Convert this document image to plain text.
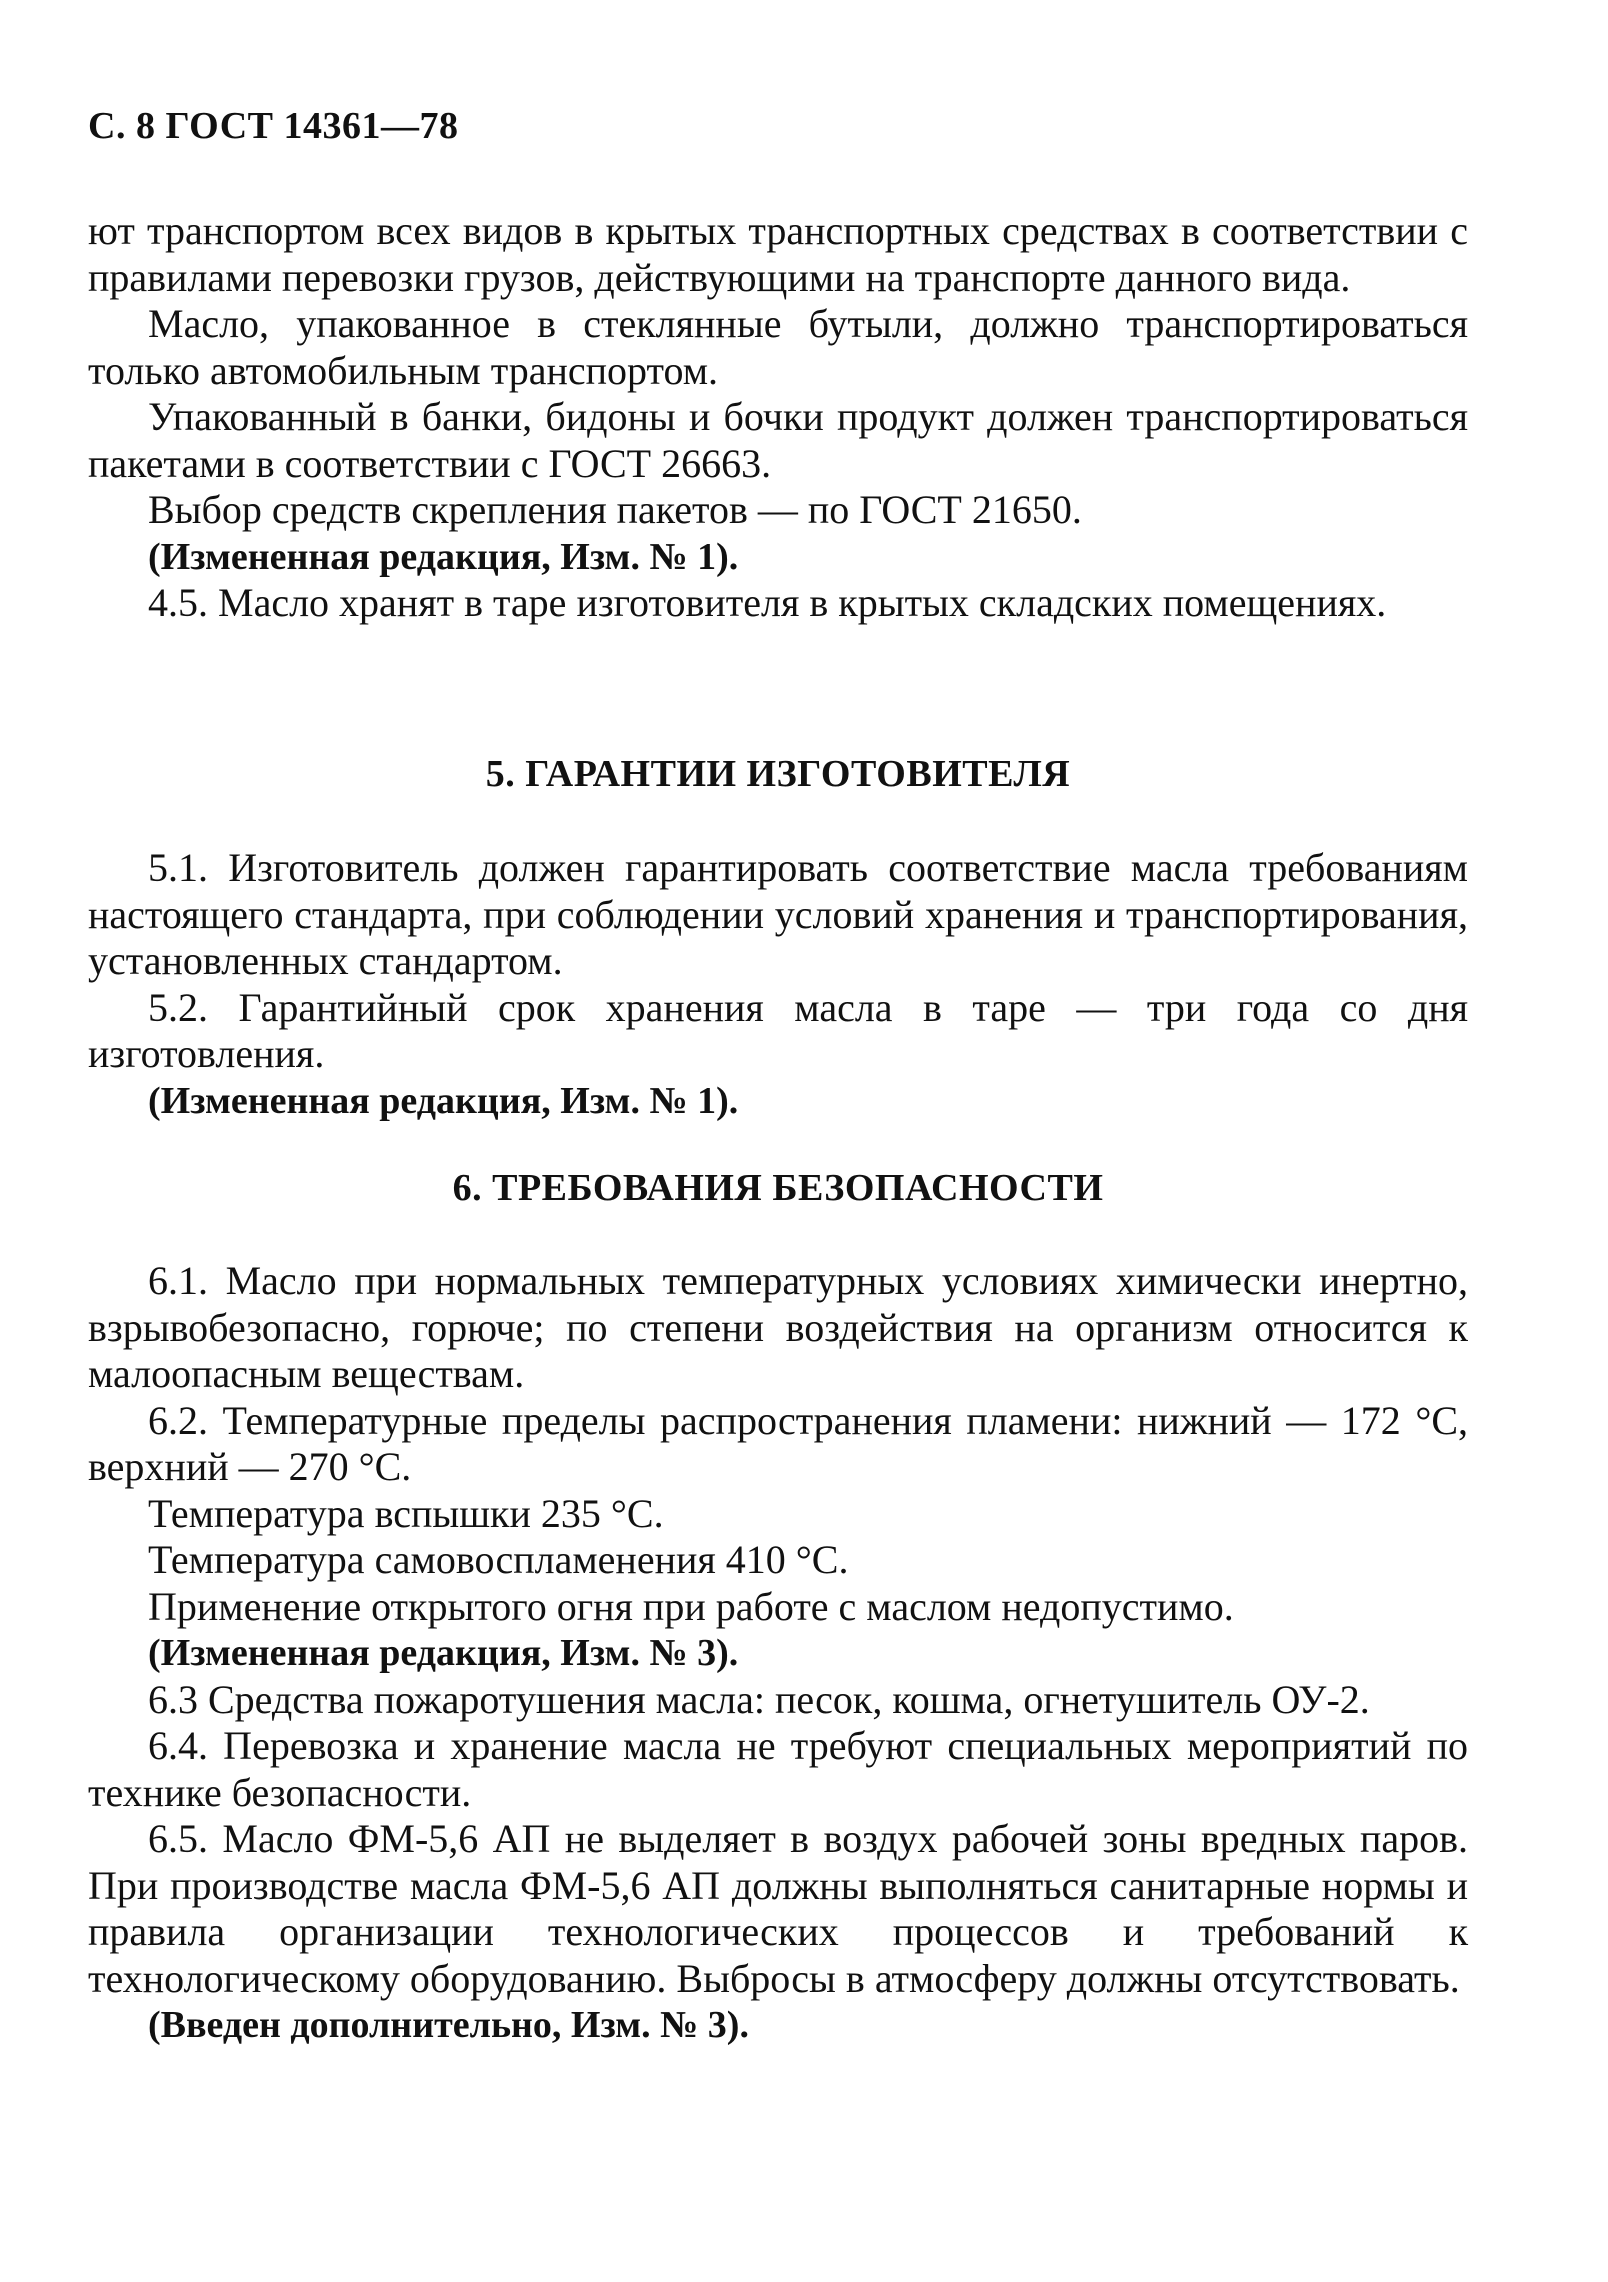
С. 8 ГОСТ 14361—78

ют транспортом всех видов в крытых транспортных средствах в соответствии с правилами перевозки грузов, действующими на транспорте данного вида.

Масло, упакованное в стеклянные бутыли, должно транспортироваться только автомобильным транспортом.

Упакованный в банки, бидоны и бочки продукт должен транспортироваться пакетами в соответствии с ГОСТ 26663.

Выбор средств скрепления пакетов — по ГОСТ 21650.

(Измененная редакция, Изм. № 1).

4.5. Масло хранят в таре изготовителя в крытых складских помещениях.

5. ГАРАНТИИ ИЗГОТОВИТЕЛЯ

5.1. Изготовитель должен гарантировать соответствие масла требованиям настоящего стандарта, при соблюдении условий хранения и транспортирования, установленных стандартом.

5.2. Гарантийный срок хранения масла в таре — три года со дня изготовления.

(Измененная редакция, Изм. № 1).

6. ТРЕБОВАНИЯ БЕЗОПАСНОСТИ

6.1. Масло при нормальных температурных условиях химически инертно, взрывобезопасно, горюче; по степени воздействия на организм относится к малоопасным веществам.

6.2. Температурные пределы распространения пламени: нижний — 172 °С, верхний — 270 °С.

Температура вспышки 235 °С.

Температура самовоспламенения 410 °С.

Применение открытого огня при работе с маслом недопустимо.

(Измененная редакция, Изм. № 3).

6.3 Средства пожаротушения масла: песок, кошма, огнетушитель ОУ-2.

6.4. Перевозка и хранение масла не требуют специальных мероприятий по технике безопасности.

6.5. Масло ФМ-5,6 АП не выделяет в воздух рабочей зоны вредных паров. При производстве масла ФМ-5,6 АП должны выполняться санитарные нормы и правила организации технологических процессов и требований к технологическому оборудованию. Выбросы в атмосферу должны отсутствовать.

(Введен дополнительно, Изм. № 3).
